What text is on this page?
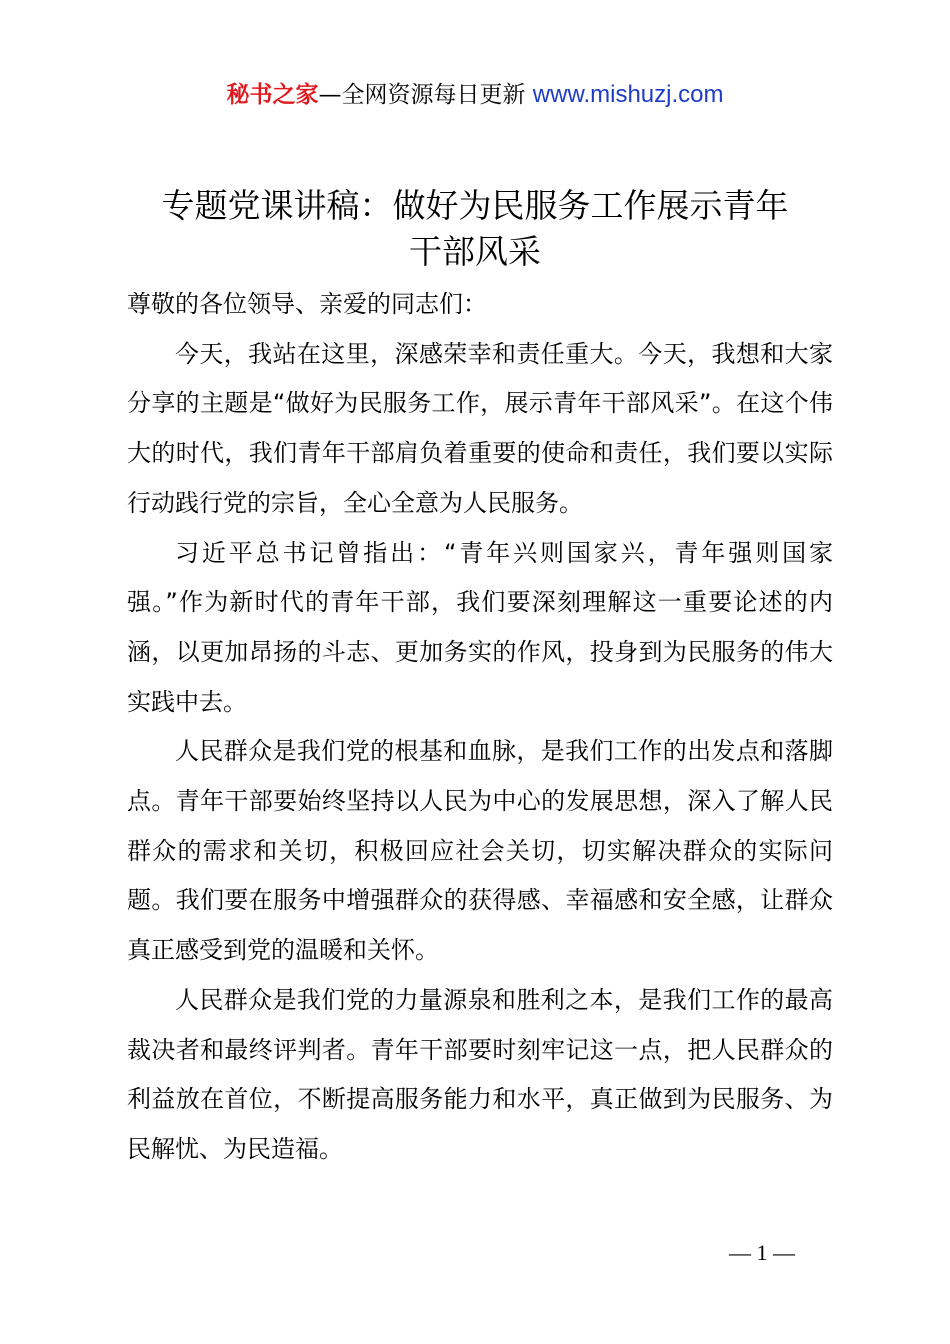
秘书之家—全网资源每日更新 www.mishuzj.com
专题党课讲稿：做好为民服务工作展示青年
干部风采

尊敬的各位领导、亲爱的同志们：

今天，我站在这里，深感荣幸和责任重大。今天，我想和大家分享的主题是“做好为民服务工作，展示青年干部风采”。在这个伟大的时代，我们青年干部肩负着重要的使命和责任，我们要以实际行动践行党的宗旨，全心全意为人民服务。

习近平总书记曾指出：“青年兴则国家兴，青年强则国家强。”作为新时代的青年干部，我们要深刻理解这一重要论述的内涵，以更加昂扬的斗志、更加务实的作风，投身到为民服务的伟大实践中去。

人民群众是我们党的根基和血脉，是我们工作的出发点和落脚点。青年干部要始终坚持以人民为中心的发展思想，深入了解人民群众的需求和关切，积极回应社会关切，切实解决群众的实际问题。我们要在服务中增强群众的获得感、幸福感和安全感，让群众真正感受到党的温暖和关怀。

人民群众是我们党的力量源泉和胜利之本，是我们工作的最高裁决者和最终评判者。青年干部要时刻牢记这一点，把人民群众的利益放在首位，不断提高服务能力和水平，真正做到为民服务、为民解忧、为民造福。

— 1 —
